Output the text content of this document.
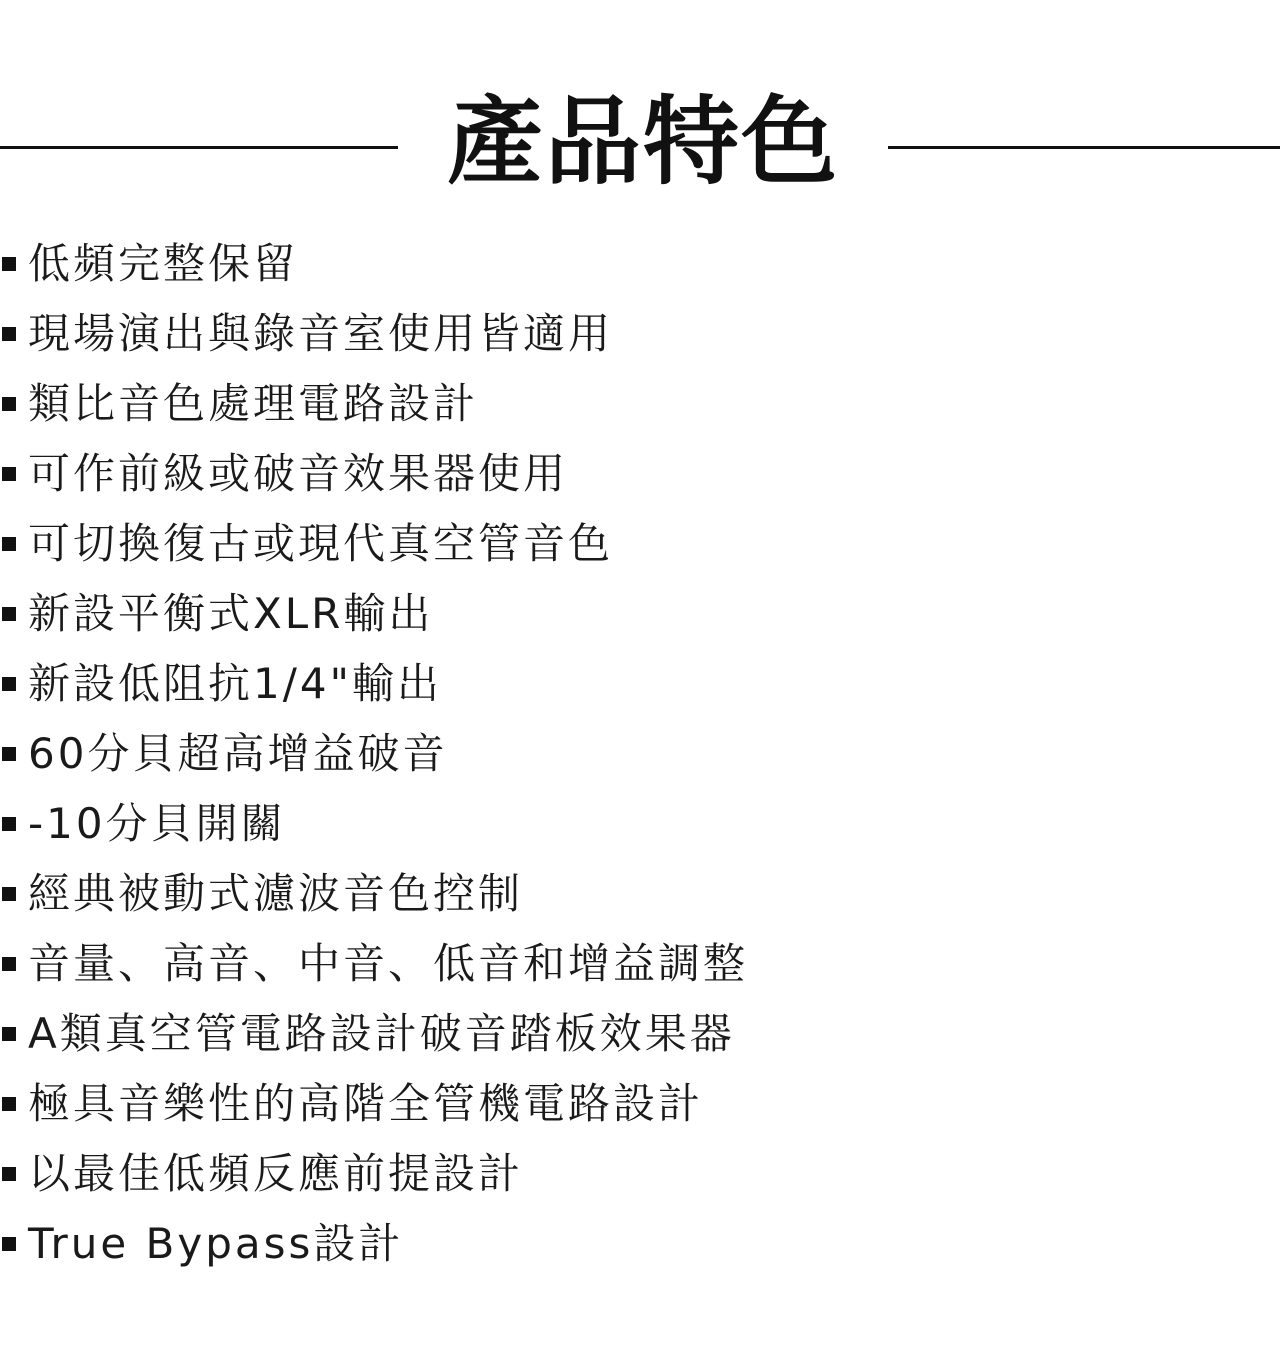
產品特色
低頻完整保留
現場演出與錄音室使用皆適用
類比音色處理電路設計
可作前級或破音效果器使用
可切換復古或現代真空管音色
新設平衡式XLR輸出
新設低阻抗1/4"輸出
60分貝超高增益破音
-10分貝開關
經典被動式濾波音色控制
音量、高音、中音、低音和增益調整
A類真空管電路設計破音踏板效果器
極具音樂性的高階全管機電路設計
以最佳低頻反應前提設計
True Bypass設計
